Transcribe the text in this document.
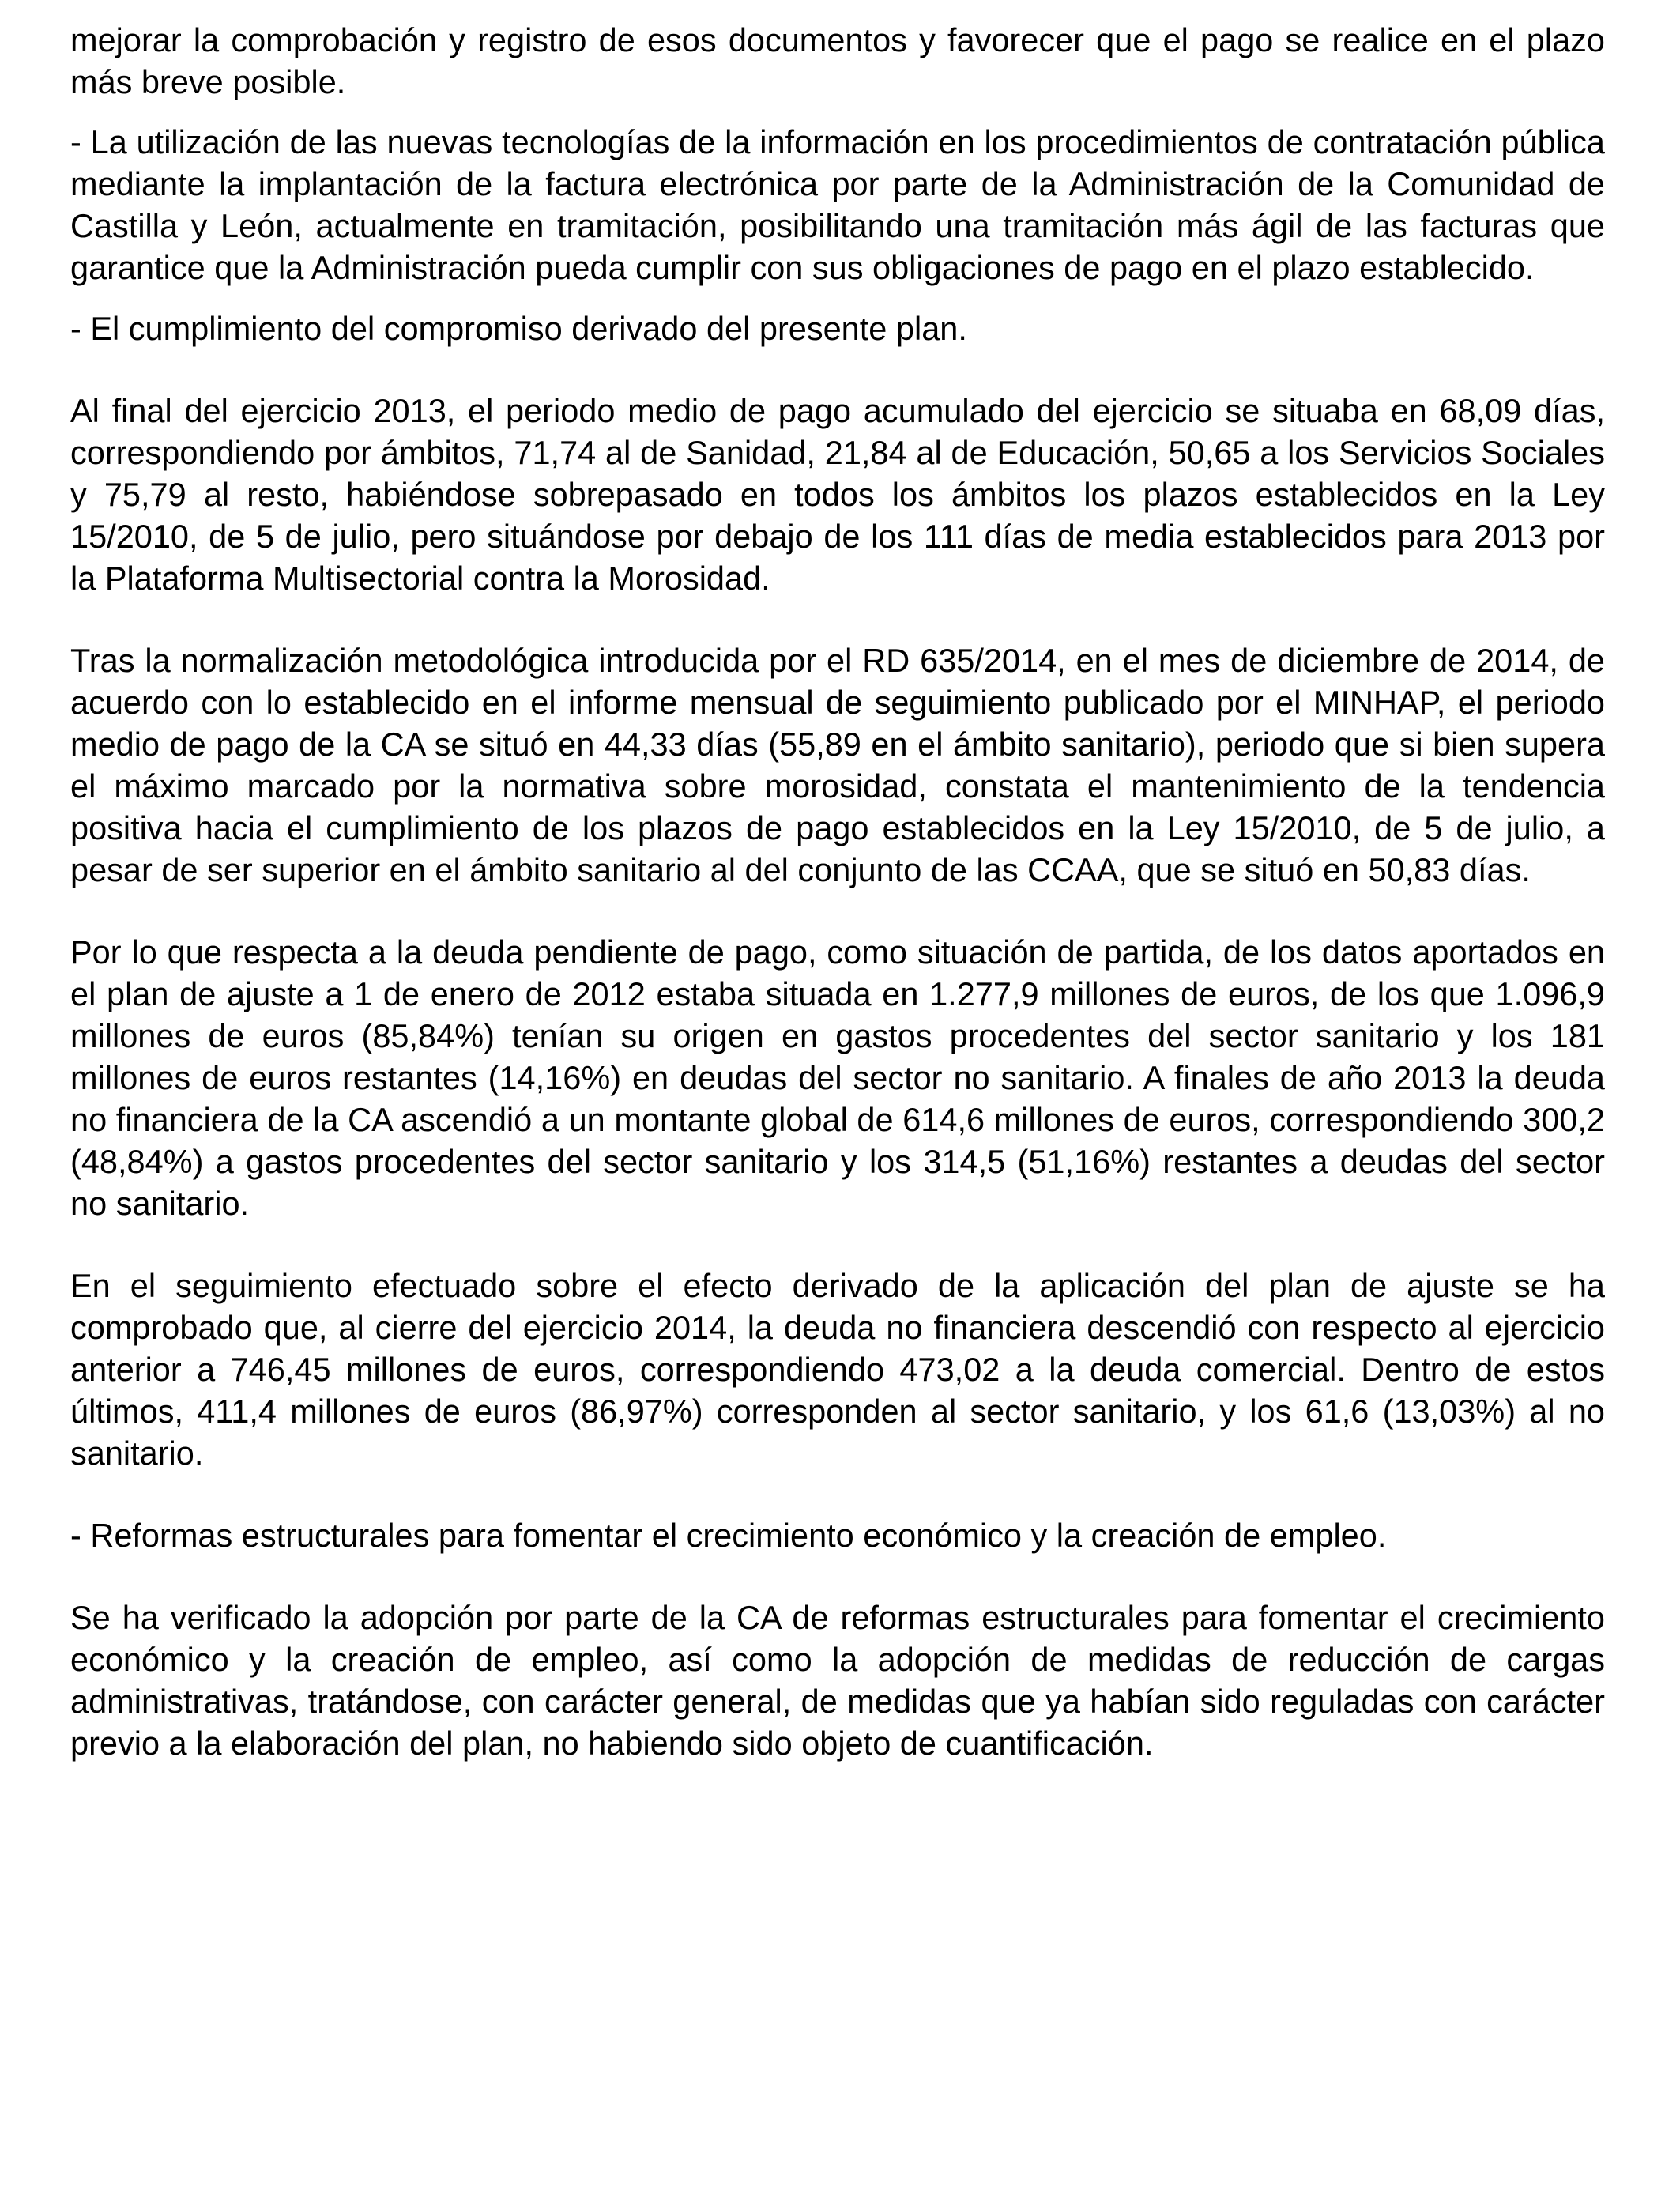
mejorar la comprobación y registro de esos documentos y favorecer que el pago se realice en el plazo más breve posible.

- La utilización de las nuevas tecnologías de la información en los procedimientos de contratación pública mediante la implantación de la factura electrónica por parte de la Administración de la Comunidad de Castilla y León, actualmente en tramitación, posibilitando una tramitación más ágil de las facturas que garantice que la Administración pueda cumplir con sus obligaciones de pago en el plazo establecido.

- El cumplimiento del compromiso derivado del presente plan.

Al final del ejercicio 2013, el periodo medio de pago acumulado del ejercicio se situaba en 68,09 días, correspondiendo por ámbitos, 71,74 al de Sanidad, 21,84 al de Educación, 50,65 a los Servicios Sociales y 75,79 al resto, habiéndose sobrepasado en todos los ámbitos los plazos establecidos en la Ley 15/2010, de 5 de julio, pero situándose por debajo de los 111 días de media establecidos para 2013 por la Plataforma Multisectorial contra la Morosidad.

Tras la normalización metodológica introducida por el RD 635/2014, en el mes de diciembre de 2014, de acuerdo con lo establecido en el informe mensual de seguimiento publicado por el MINHAP, el periodo medio de pago de la CA se situó en 44,33 días (55,89 en el ámbito sanitario), periodo que si bien supera el máximo marcado por la normativa sobre morosidad, constata el mantenimiento de la tendencia positiva hacia el cumplimiento de los plazos de pago establecidos en la Ley 15/2010, de 5 de julio, a pesar de ser superior en el ámbito sanitario al del conjunto de las CCAA, que se situó en 50,83 días.

Por lo que respecta a la deuda pendiente de pago, como situación de partida, de los datos aportados en el plan de ajuste a 1 de enero de 2012 estaba situada en 1.277,9 millones de euros, de los que 1.096,9 millones de euros (85,84%) tenían su origen en gastos procedentes del sector sanitario y los 181 millones de euros restantes (14,16%) en deudas del sector no sanitario. A finales de año 2013 la deuda no financiera de la CA ascendió a un montante global de 614,6 millones de euros, correspondiendo 300,2 (48,84%) a gastos procedentes del sector sanitario y los 314,5 (51,16%) restantes a deudas del sector no sanitario.

En el seguimiento efectuado sobre el efecto derivado de la aplicación del plan de ajuste se ha comprobado que, al cierre del ejercicio 2014, la deuda no financiera descendió con respecto al ejercicio anterior a 746,45 millones de euros, correspondiendo 473,02 a la deuda comercial. Dentro de estos últimos, 411,4 millones de euros (86,97%) corresponden al sector sanitario, y los 61,6 (13,03%) al no sanitario.

- Reformas estructurales para fomentar el crecimiento económico y la creación de empleo.

Se ha verificado la adopción por parte de la CA de reformas estructurales para fomentar el crecimiento económico y la creación de empleo, así como la adopción de medidas de reducción de cargas administrativas, tratándose, con carácter general, de medidas que ya habían sido reguladas con carácter previo a la elaboración del plan, no habiendo sido objeto de cuantificación.
